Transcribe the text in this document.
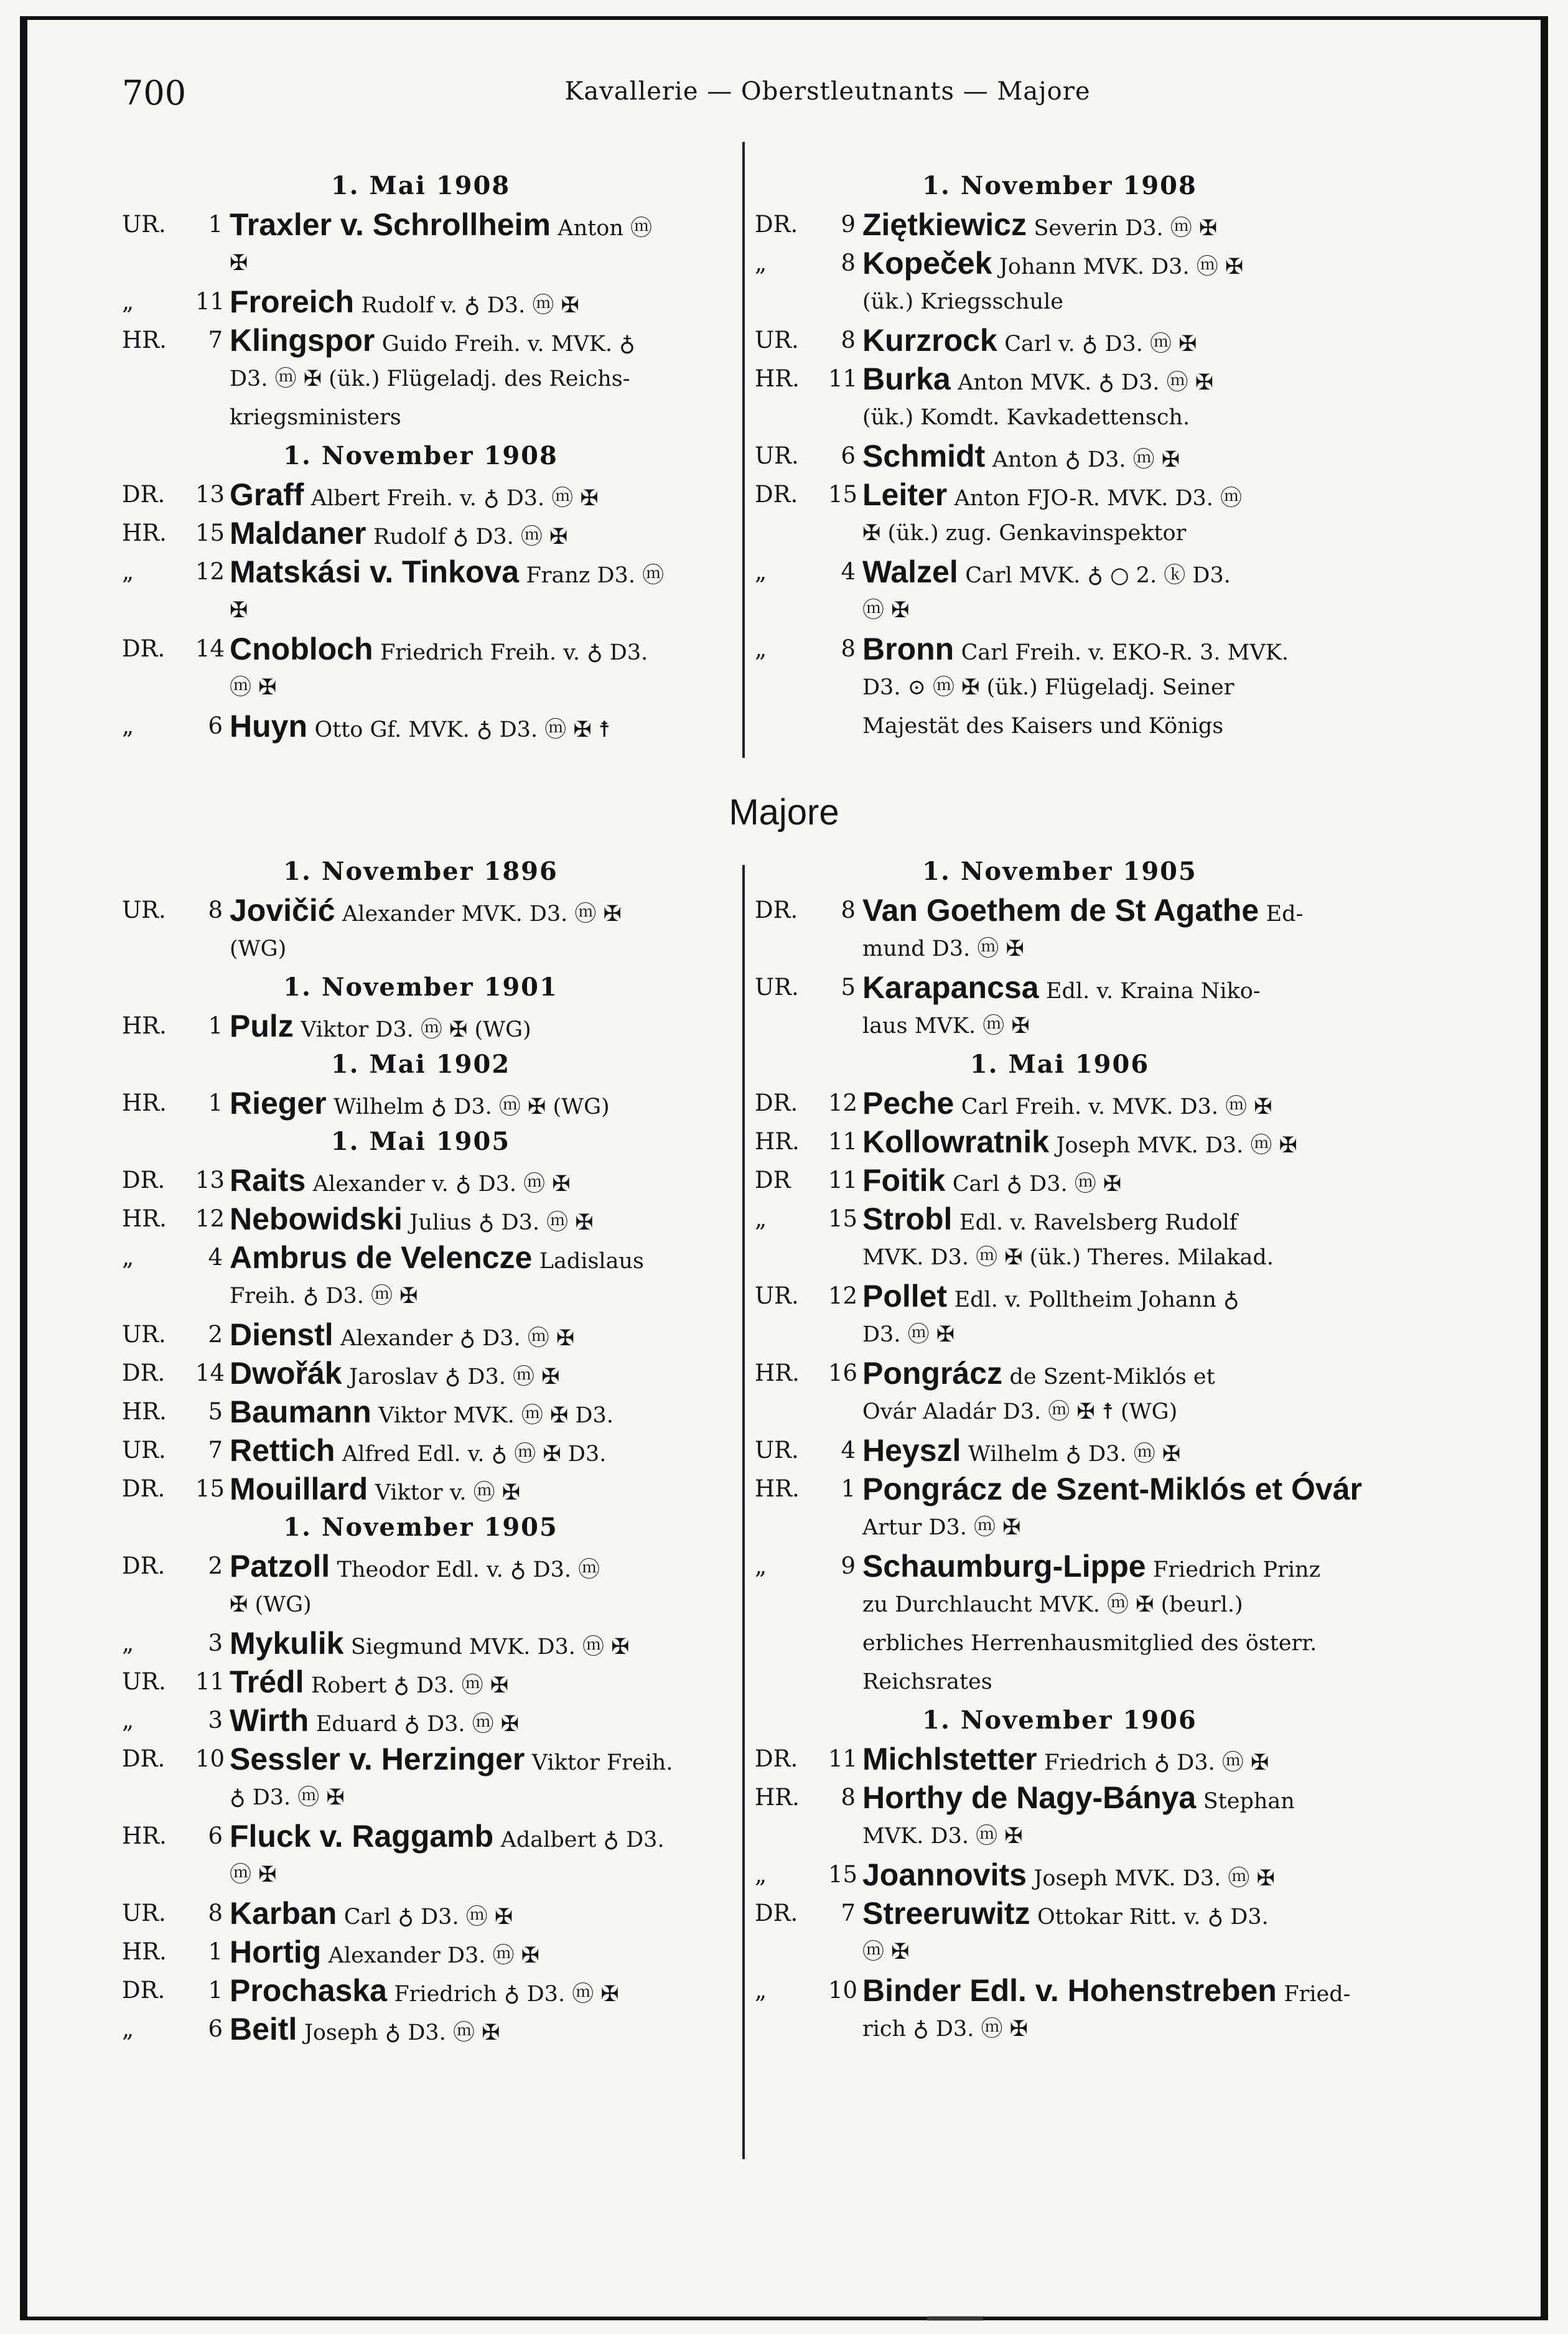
700	Kavallerie — Oberstleutnants — Majore
1. Mai 1908
UR.	1 Traxler v. Schrollheim Anton ⓜ
✠
„	11 Froreich Rudolf v. ♁ D3. ⓜ ✠
HR.	7 Klingspor Guido Freih. v. MVK. ♁
D3. ⓜ ✠ (ük.) Flügeladj. des Reichs-
kriegsministers
1. November 1908
DR.	13 Graff Albert Freih. v. ♁ D3. ⓜ ✠
HR.	15 Maldaner Rudolf ♁ D3. ⓜ ✠
„	12 Matskási v. Tinkova Franz D3. ⓜ
✠
DR.	14 Cnobloch Friedrich Freih. v. ♁ D3.
ⓜ ✠
„	6 Huyn Otto Gf. MVK. ♁ D3. ⓜ ✠ ☨
1. November 1908
DR.	9 Ziętkiewicz Severin D3. ⓜ ✠
„	8 Kopeček Johann MVK. D3. ⓜ ✠
(ük.) Kriegsschule
UR.	8 Kurzrock Carl v. ♁ D3. ⓜ ✠
HR.	11 Burka Anton MVK. ♁ D3. ⓜ ✠
(ük.) Komdt. Kavkadettensch.
UR.	6 Schmidt Anton ♁ D3. ⓜ ✠
DR.	15 Leiter Anton FJO-R. MVK. D3. ⓜ
✠ (ük.) zug. Genkavinspektor
„	4 Walzel Carl MVK. ♁ ○ 2. ⓚ D3.
ⓜ ✠
„	8 Bronn Carl Freih. v. EKO-R. 3. MVK.
D3. ⊙ ⓜ ✠ (ük.) Flügeladj. Seiner
Majestät des Kaisers und Königs
Majore
1. November 1896
UR.	8 Jovičić Alexander MVK. D3. ⓜ ✠
(WG)
1. November 1901
HR.	1 Pulz Viktor D3. ⓜ ✠ (WG)
1. Mai 1902
HR.	1 Rieger Wilhelm ♁ D3. ⓜ ✠ (WG)
1. Mai 1905
DR.	13 Raits Alexander v. ♁ D3. ⓜ ✠
HR.	12 Nebowidski Julius ♁ D3. ⓜ ✠
„	4 Ambrus de Velencze Ladislaus
Freih. ♁ D3. ⓜ ✠
UR.	2 Dienstl Alexander ♁ D3. ⓜ ✠
DR.	14 Dwořák Jaroslav ♁ D3. ⓜ ✠
HR.	5 Baumann Viktor MVK. ⓜ ✠ D3.
UR.	7 Rettich Alfred Edl. v. ♁ ⓜ ✠ D3.
DR.	15 Mouillard Viktor v. ⓜ ✠
1. November 1905
DR.	2 Patzoll Theodor Edl. v. ♁ D3. ⓜ
✠ (WG)
„	3 Mykulik Siegmund MVK. D3. ⓜ ✠
UR.	11 Trédl Robert ♁ D3. ⓜ ✠
„	3 Wirth Eduard ♁ D3. ⓜ ✠
DR.	10 Sessler v. Herzinger Viktor Freih.
♁ D3. ⓜ ✠
HR.	6 Fluck v. Raggamb Adalbert ♁ D3.
ⓜ ✠
UR.	8 Karban Carl ♁ D3. ⓜ ✠
HR.	1 Hortig Alexander D3. ⓜ ✠
DR.	1 Prochaska Friedrich ♁ D3. ⓜ ✠
„	6 Beitl Joseph ♁ D3. ⓜ ✠
1. November 1905
DR.	8 Van Goethem de St Agathe Ed-
mund D3. ⓜ ✠
UR.	5 Karapancsa Edl. v. Kraina Niko-
laus MVK. ⓜ ✠
1. Mai 1906
DR.	12 Peche Carl Freih. v. MVK. D3. ⓜ ✠
HR.	11 Kollowratnik Joseph MVK. D3. ⓜ ✠
DR	11 Foitik Carl ♁ D3. ⓜ ✠
„	15 Strobl Edl. v. Ravelsberg Rudolf
MVK. D3. ⓜ ✠ (ük.) Theres. Milakad.
UR.	12 Pollet Edl. v. Polltheim Johann ♁
D3. ⓜ ✠
HR.	16 Pongrácz de Szent-Miklós et
Ovár Aladár D3. ⓜ ✠ ☨ (WG)
UR.	4 Heyszl Wilhelm ♁ D3. ⓜ ✠
HR.	1 Pongrácz de Szent-Miklós et Óvár
Artur D3. ⓜ ✠
„	9 Schaumburg-Lippe Friedrich Prinz
zu Durchlaucht MVK. ⓜ ✠ (beurl.)
erbliches Herrenhausmitglied des österr.
Reichsrates
1. November 1906
DR.	11 Michlstetter Friedrich ♁ D3. ⓜ ✠
HR.	8 Horthy de Nagy-Bánya Stephan
MVK. D3. ⓜ ✠
„	15 Joannovits Joseph MVK. D3. ⓜ ✠
DR.	7 Streeruwitz Ottokar Ritt. v. ♁ D3.
ⓜ ✠
„	10 Binder Edl. v. Hohenstreben Fried-
rich ♁ D3. ⓜ ✠
